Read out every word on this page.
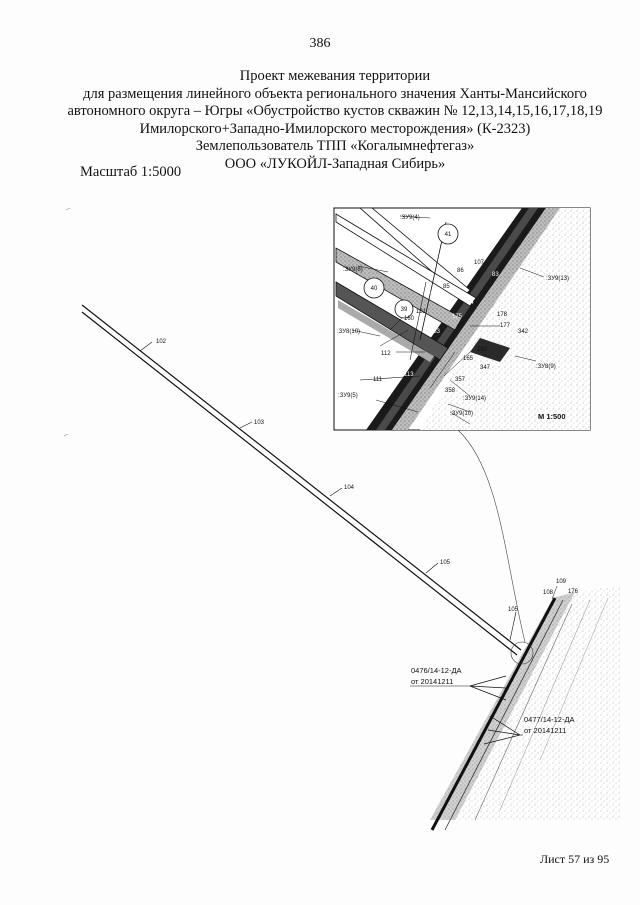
386
Проект межевания территории
для размещения линейного объекта регионального значения Ханты-Мансийского
автономного округа – Югры «Обустройство кустов скважин № 12,13,14,15,16,17,18,19
Имилорского+Западно-Имилорского месторождения» (К-2323)
Землепользователь ТПП «Когалымнефтегаз»
ООО «ЛУКОЙЛ-Западная Сибирь»
Масштаб 1:5000
102
103
104
105
105
109
108 176
0476/14-12-ДА
от 20141211
0477/14-12-ДА
от 20141211
41
40
39
:ЗУ9(4)
:ЗУ9(8)
:ЗУ9(13)
:ЗУ8(10)
:ЗУ8(9)
:ЗУ9(5)	:ЗУ9(14)
:ЗУ9(10)
107
86
85
84
83
140
181
160	175	178
177
342
182
165
347
112
111	357
358
183
113
М 1:500
Лист 57 из 95
